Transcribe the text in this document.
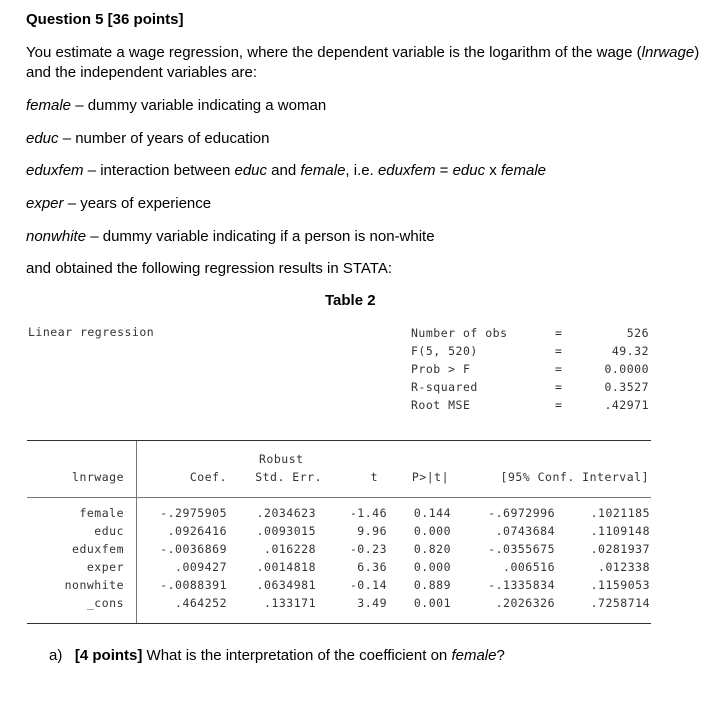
Question 5 [36 points]
You estimate a wage regression, where the dependent variable is the logarithm of the wage (lnrwage)
and the independent variables are:
female – dummy variable indicating a woman
educ – number of years of education
eduxfem – interaction between educ and female, i.e. eduxfem = educ x female
exper – years of experience
nonwhite – dummy variable indicating if a person is non-white
and obtained the following regression results in STATA:
Table 2
Linear regression	Number of obs	=	526
F(5, 520)	=	49.32
Prob > F	=	0.0000
R-squared	=	0.3527
Root MSE	=	.42971
Robust
lnrwage	Coef. Std. Err.	t	P>|t|	[95% Conf. Interval]
female	-.2975905	.2034623	-1.46 0.144	-.6972996	.1021185
educ	.0926416	.0093015	9.96 0.000	.0743684	.1109148
eduxfem	-.0036869	.016228	-0.23 0.820	-.0355675	.0281937
exper	.009427	.0014818	6.36 0.000	.006516	.012338
nonwhite	-.0088391	.0634981	-0.14 0.889	-.1335834	.1159053
_cons	.464252	.133171	3.49 0.001	.2026326	.7258714
a) [4 points] What is the interpretation of the coefficient on female?
